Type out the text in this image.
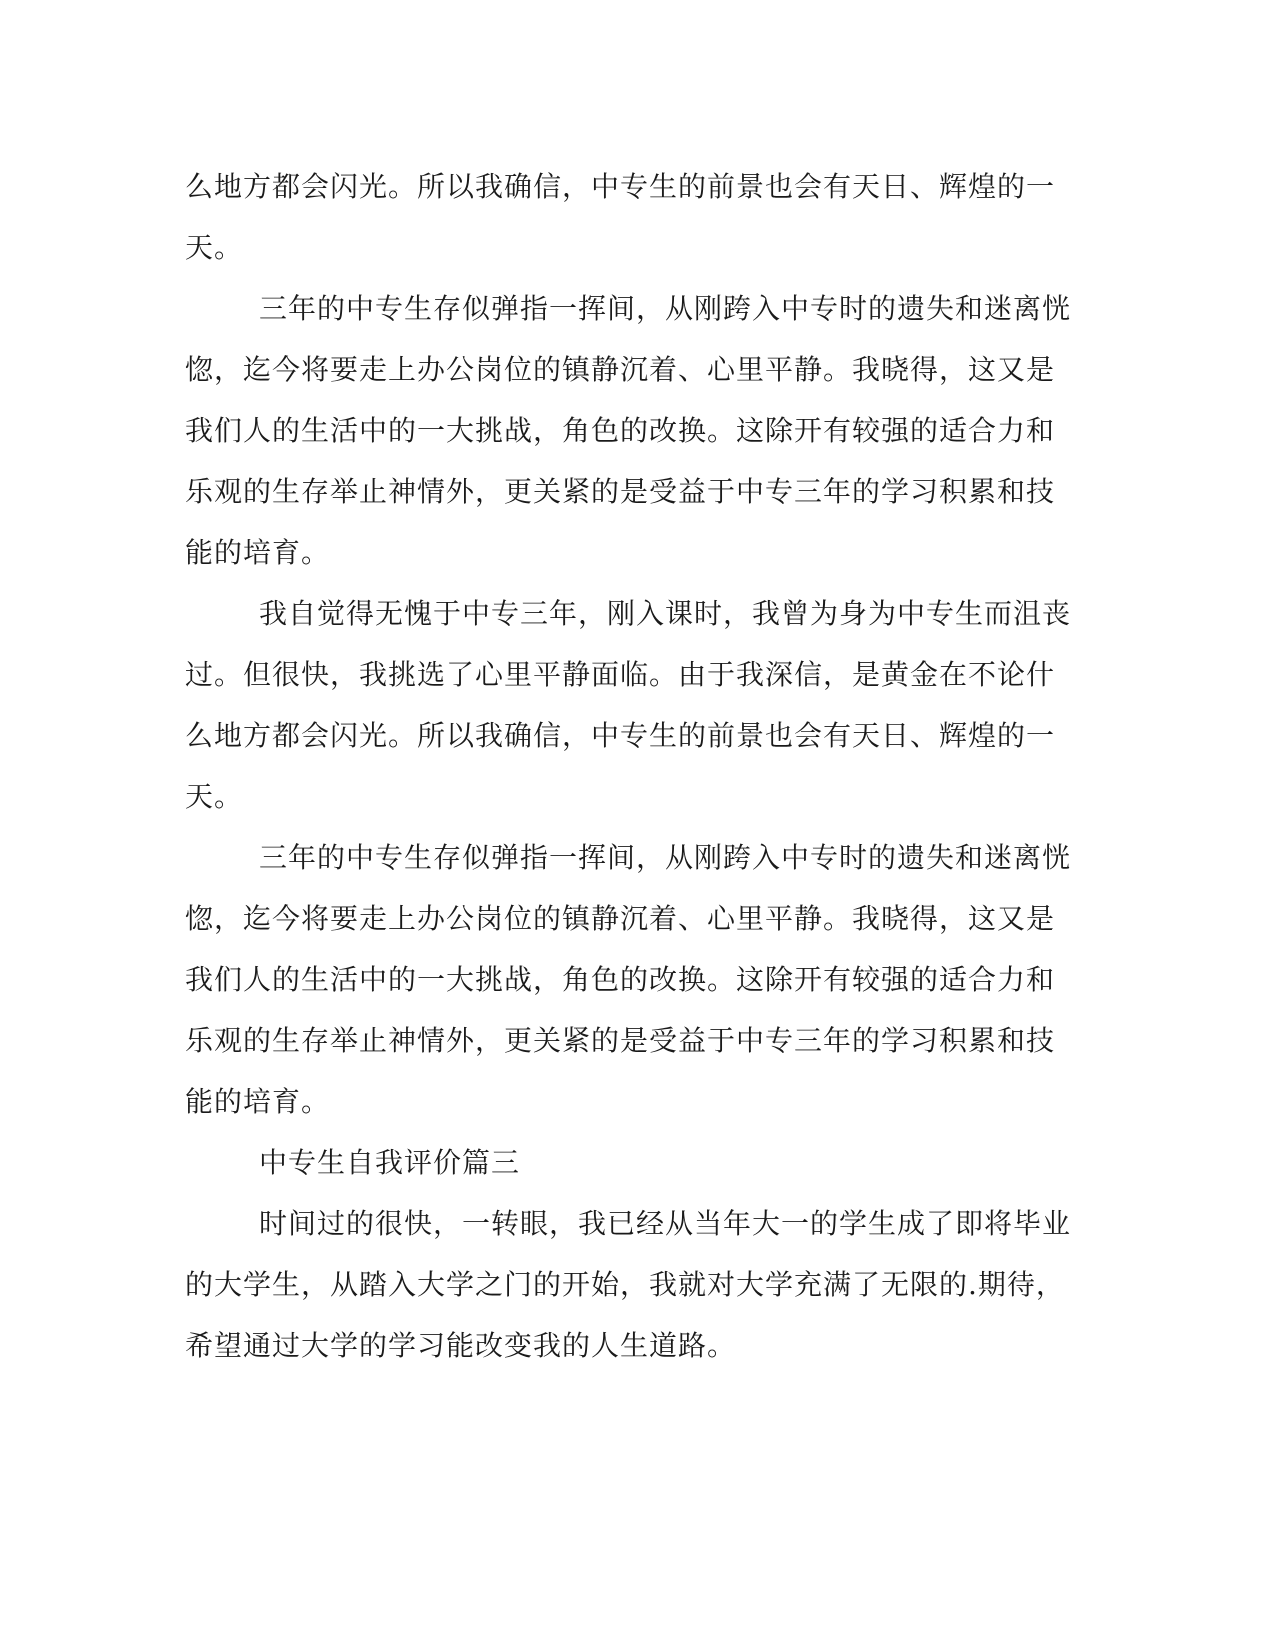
么地方都会闪光。所以我确信，中专生的前景也会有天日、辉煌的一
天。
三年的中专生存似弹指一挥间，从刚跨入中专时的遗失和迷离恍
惚，迄今将要走上办公岗位的镇静沉着、心里平静。我晓得，这又是
我们人的生活中的一大挑战，角色的改换。这除开有较强的适合力和
乐观的生存举止神情外，更关紧的是受益于中专三年的学习积累和技
能的培育。
我自觉得无愧于中专三年，刚入课时，我曾为身为中专生而沮丧
过。但很快，我挑选了心里平静面临。由于我深信，是黄金在不论什
么地方都会闪光。所以我确信，中专生的前景也会有天日、辉煌的一
天。
三年的中专生存似弹指一挥间，从刚跨入中专时的遗失和迷离恍
惚，迄今将要走上办公岗位的镇静沉着、心里平静。我晓得，这又是
我们人的生活中的一大挑战，角色的改换。这除开有较强的适合力和
乐观的生存举止神情外，更关紧的是受益于中专三年的学习积累和技
能的培育。
中专生自我评价篇三
时间过的很快，一转眼，我已经从当年大一的学生成了即将毕业
的大学生，从踏入大学之门的开始，我就对大学充满了无限的.期待，
希望通过大学的学习能改变我的人生道路。
